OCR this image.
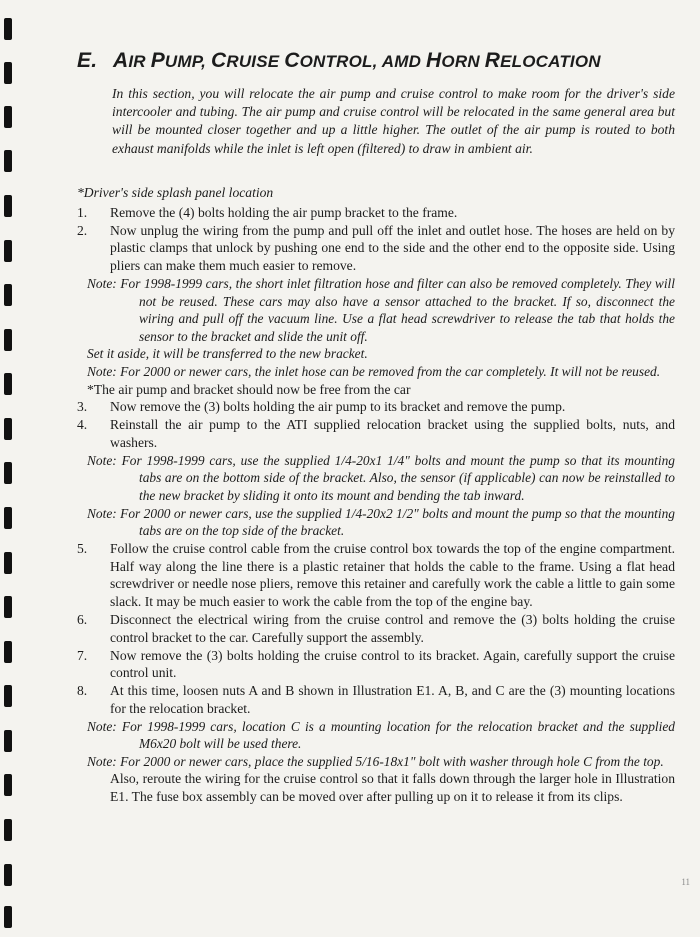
E. AIR PUMP, CRUISE CONTROL, AMD HORN RELOCATION

In this section, you will relocate the air pump and cruise control to make room for the driver's side intercooler and tubing. The air pump and cruise control will be relocated in the same general area but will be mounted closer together and up a little higher. The outlet of the air pump is routed to both exhaust manifolds while the inlet is left open (filtered) to draw in ambient air.

*Driver's side splash panel location

1. Remove the (4) bolts holding the air pump bracket to the frame.
2. Now unplug the wiring from the pump and pull off the inlet and outlet hose. The hoses are held on by plastic clamps that unlock by pushing one end to the side and the other end to the opposite side. Using pliers can make them much easier to remove.
Note: For 1998-1999 cars, the short inlet filtration hose and filter can also be removed completely. They will not be reused. These cars may also have a sensor attached to the bracket. If so, disconnect the wiring and pull off the vacuum line. Use a flat head screwdriver to release the tab that holds the sensor to the bracket and slide the unit off.
Set it aside, it will be transferred to the new bracket.
Note: For 2000 or newer cars, the inlet hose can be removed from the car completely. It will not be reused.
*The air pump and bracket should now be free from the car
3. Now remove the (3) bolts holding the air pump to its bracket and remove the pump.
4. Reinstall the air pump to the ATI supplied relocation bracket using the supplied bolts, nuts, and washers.
Note: For 1998-1999 cars, use the supplied 1/4-20x1 1/4" bolts and mount the pump so that its mounting tabs are on the bottom side of the bracket. Also, the sensor (if applicable) can now be reinstalled to the new bracket by sliding it onto its mount and bending the tab inward.
Note: For 2000 or newer cars, use the supplied 1/4-20x2 1/2" bolts and mount the pump so that the mounting tabs are on the top side of the bracket.
5. Follow the cruise control cable from the cruise control box towards the top of the engine compartment. Half way along the line there is a plastic retainer that holds the cable to the frame. Using a flat head screwdriver or needle nose pliers, remove this retainer and carefully work the cable a little to gain some slack. It may be much easier to work the cable from the top of the engine bay.
6. Disconnect the electrical wiring from the cruise control and remove the (3) bolts holding the cruise control bracket to the car. Carefully support the assembly.
7. Now remove the (3) bolts holding the cruise control to its bracket. Again, carefully support the cruise control unit.
8. At this time, loosen nuts A and B shown in Illustration E1. A, B, and C are the (3) mounting locations for the relocation bracket.
Note: For 1998-1999 cars, location C is a mounting location for the relocation bracket and the supplied M6x20 bolt will be used there.
Note: For 2000 or newer cars, place the supplied 5/16-18x1" bolt with washer through hole C from the top.
Also, reroute the wiring for the cruise control so that it falls down through the larger hole in Illustration E1. The fuse box assembly can be moved over after pulling up on it to release it from its clips.
11
